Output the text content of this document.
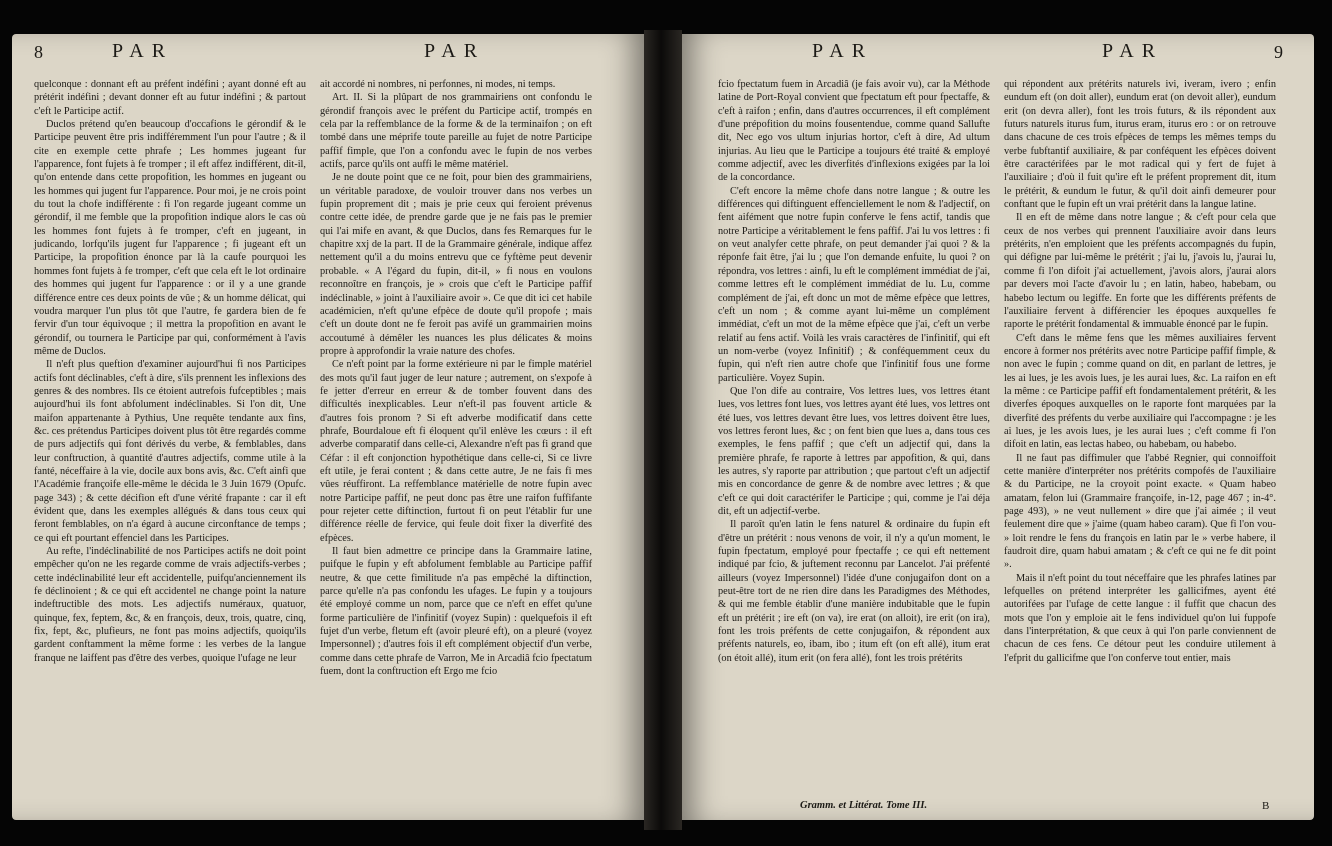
8	PAR	PAR

quelconque : donnant eft au préfent indéfini ; ayant donné eft au prétérit indéfini ; devant donner eft au futur indéfini ; & partout c'eft le Participe actif.

Duclos prétend qu'en beaucoup d'occafions le gérondif & le Participe peuvent être pris indifféremment l'un pour l'autre ; & il cite en exemple cette phrafe ; Les hommes jugeant fur l'apparence, font fujets à fe tromper ; il eft affez indifférent, dit-il, qu'on entende dans cette propofition, les hommes en jugeant ou les hommes qui jugent fur l'apparence. Pour moi, je ne crois point du tout la chofe indifférente : fi l'on regarde jugeant comme un gérondif, il me femble que la propofition indique alors le cas où les hommes font fujets à fe tromper, c'eft en jugeant, in judicando, lorfqu'ils jugent fur l'apparence ; fi jugeant eft un Participe, la propofition énonce par là la caufe pourquoi les hommes font fujets à fe tromper, c'eft que cela eft le lot ordinaire des hommes qui jugent fur l'apparence : or il y a une grande différence entre ces deux points de vûe ; & un homme délicat, qui voudra marquer l'un plus tôt que l'autre, fe gardera bien de fe fervir d'un tour équivoque ; il mettra la propofition en avant le gérondif, ou tournera le Participe par qui, conformément à l'avis même de Duclos.

Il n'eft plus queftion d'examiner aujourd'hui fi nos Participes actifs font déclinables, c'eft à dire, s'ils prennent les inflexions des genres & des nombres. Ils ce étoient autrefois fufceptibles ; mais aujourd'hui ils font abfolument indéclinables. Si l'on dit, Une maifon appartenante à Pythius, Une requête tendante aux fins, &c. ces prétendus Participes doivent plus tôt être regardés comme de purs adjectifs qui font dérivés du verbe, & femblables, dans leur conftruction, à quantité d'autres adjectifs, comme utile à la fanté, néceffaire à la vie, docile aux bons avis, &c. C'eft ainfi que l'Académie françoife elle-même le décida le 3 Juin 1679 (Opufc. page 343) ; & cette décifion eft d'une vérité frapante : car il eft évident que, dans les exemples allégués & dans tous ceux qui feront femblables, on n'a égard à aucune circonftance de temps ; ce qui eft pourtant effenciel dans les Participes.

Au refte, l'indéclinabilité de nos Participes actifs ne doit point empêcher qu'on ne les regarde comme de vrais adjectifs-verbes ; cette indéclinabilité leur eft accidentelle, puifqu'anciennement ils fe déclinoient ; & ce qui eft accidentel ne change point la nature indeftructible des mots. Les adjectifs numéraux, quatuor, quinque, fex, feptem, &c, & en françois, deux, trois, quatre, cinq, fix, fept, &c, plufieurs, ne font pas moins adjectifs, quoiqu'ils gardent conftamment la même forme : les verbes de la langue franque ne laiffent pas d'être des verbes, quoique l'ufage ne leur

ait accordé ni nombres, ni perfonnes, ni modes, ni temps.

Art. II. Si la plûpart de nos grammairiens ont confondu le gérondif françois avec le préfent du Participe actif, trompés en cela par la reffemblance de la forme & de la terminaifon ; on eft tombé dans une méprife toute pareille au fujet de notre Participe paffif fimple, que l'on a confondu avec le fupin de nos verbes actifs, parce qu'ils ont auffi le même matériel.

Je ne doute point que ce ne foit, pour bien des grammairiens, un véritable paradoxe, de vouloir trouver dans nos verbes un fupin proprement dit ; mais je prie ceux qui feroient prévenus contre cette idée, de prendre garde que je ne fais pas le premier qui l'ai mife en avant, & que Duclos, dans fes Remarques fur le chapitre xxj de la part. II de la Grammaire générale, indique affez nettement qu'il a du moins entrevu que ce fyftème peut devenir probable. « A l'égard du fupin, dit-il, » fi nous en voulons reconnoître en françois, je » crois que c'eft le Participe paffif indéclinable, » joint à l'auxiliaire avoir ». Ce que dit ici cet habile académicien, n'eft qu'une efpèce de doute qu'il propofe ; mais c'eft un doute dont ne fe feroit pas avifé un grammairien moins accoutumé à démêler les nuances les plus délicates & moins propre à approfondir la vraie nature des chofes.

Ce n'eft point par la forme extérieure ni par le fimple matériel des mots qu'il faut juger de leur nature ; autrement, on s'expofe à fe jetter d'erreur en erreur & de tomber fouvent dans des difficultés inexplicables. Leur n'eft-il pas fouvent article & d'autres fois pronom ? Si eft adverbe modificatif dans cette phrafe, Bourdaloue eft fi éloquent qu'il enlève les cœurs : il eft adverbe comparatif dans celle-ci, Alexandre n'eft pas fi grand que Céfar : il eft conjonction hypothétique dans celle-ci, Si ce livre eft utile, je ferai content ; & dans cette autre, Je ne fais fi mes vûes réuffiront. La reffemblance matérielle de notre fupin avec notre Participe paffif, ne peut donc pas être une raifon fuffifante pour rejeter cette diftinction, furtout fi on peut l'établir fur une différence réelle de fervice, qui feule doit fixer la diverfité des efpèces.

Il faut bien admettre ce principe dans la Grammaire latine, puifque le fupin y eft abfolument femblable au Participe paffif neutre, & que cette fimilitude n'a pas empêché la diftinction, parce qu'elle n'a pas confondu les ufages. Le fupin y a toujours été employé comme un nom, parce que ce n'eft en effet qu'une forme particulière de l'infinitif (voyez Supin) : quelquefois il eft fujet d'un verbe, fletum eft (avoir pleuré eft), on a pleuré (voyez Impersonnel) ; d'autres fois il eft complément objectif d'un verbe, comme dans cette phrafe de Varron, Me in Arcadiâ fcio fpectatum fuem, dont la conftruction eft Ergo me fcio

PAR	PAR	9

fcio fpectatum fuem in Arcadiâ (je fais avoir vu), car la Méthode latine de Port-Royal convient que fpectatum eft pour fpectaffe, & c'eft à raifon ; enfin, dans d'autres occurrences, il eft complément d'une prépofition du moins fousentendue, comme quand Sallufte dit, Nec ego vos ultum injurias hortor, c'eft à dire, Ad ultum injurias. Au lieu que le Participe a toujours été traité & employé comme adjectif, avec les diverfités d'inflexions exigées par la loi de la concordance.

C'eft encore la même chofe dans notre langue ; & outre les différences qui diftinguent effenciellement le nom & l'adjectif, on fent aifément que notre fupin conferve le fens actif, tandis que notre Participe a véritablement le fens paffif. J'ai lu vos lettres : fi on veut analyfer cette phrafe, on peut demander j'ai quoi ? & la réponfe fait être, j'ai lu ; que l'on demande enfuite, lu quoi ? on répondra, vos lettres : ainfi, lu eft le complément immédiat de j'ai, comme lettres eft le complément immédiat de lu. Lu, comme complément de j'ai, eft donc un mot de même efpèce que lettres, c'eft un nom ; & comme ayant lui-même un complément immédiat, c'eft un mot de la même efpèce que j'ai, c'eft un verbe relatif au fens actif. Voilà les vrais caractères de l'infinitif, qui eft un nom-verbe (voyez Infinitif) ; & conféquemment ceux du fupin, qui n'eft rien autre chofe que l'infinitif fous une forme particulière. Voyez Supin.

Que l'on dife au contraire, Vos lettres lues, vos lettres étant lues, vos lettres font lues, vos lettres ayant été lues, vos lettres ont été lues, vos lettres devant être lues, vos lettres doivent être lues, vos lettres feront lues, &c ; on fent bien que lues a, dans tous ces exemples, le fens paffif ; que c'eft un adjectif qui, dans la première phrafe, fe raporte à lettres par appofition, & qui, dans les autres, s'y raporte par attribution ; que partout c'eft un adjectif mis en concordance de genre & de nombre avec lettres ; & que c'eft ce qui doit caractérifer le Participe ; qui, comme je l'ai déja dit, eft un adjectif-verbe.

Il paroît qu'en latin le fens naturel & ordinaire du fupin eft d'être un prétérit : nous venons de voir, il n'y a qu'un moment, le fupin fpectatum, employé pour fpectaffe ; ce qui eft nettement indiqué par fcio, & juftement reconnu par Lancelot. J'ai préfenté ailleurs (voyez Impersonnel) l'idée d'une conjugaifon dont on a peut-être tort de ne rien dire dans les Paradigmes des Méthodes, & qui me femble établir d'une manière indubitable que le fupin eft un prétérit ; ire eft (on va), ire erat (on alloit), ire erit (on ira), font les trois préfents de cette conjugaifon, & répondent aux préfents naturels, eo, ibam, ibo ; itum eft (on eft allé), itum erat (on étoit allé), itum erit (on fera allé), font les trois prétérits

qui répondent aux prétérits naturels ivi, iveram, ivero ; enfin eundum eft (on doit aller), eundum erat (on devoit aller), eundum erit (on devra aller), font les trois futurs, & ils répondent aux futurs naturels iturus fum, iturus eram, iturus ero : or on retrouve dans chacune de ces trois efpèces de temps les mêmes temps du verbe fubftantif auxiliaire, & par conféquent les efpèces doivent être caractérifées par le mot radical qui y fert de fujet à l'auxiliaire ; d'où il fuit qu'ire eft le préfent proprement dit, itum le prétérit, & eundum le futur, & qu'il doit ainfi demeurer pour conftant que le fupin eft un vrai prétérit dans la langue latine.

Il en eft de même dans notre langue ; & c'eft pour cela que ceux de nos verbes qui prennent l'auxiliaire avoir dans leurs prétérits, n'en emploient que les préfents accompagnés du fupin, qui défigne par lui-même le prétérit ; j'ai lu, j'avois lu, j'aurai lu, comme fi l'on difoit j'ai actuellement, j'avois alors, j'aurai alors par devers moi l'acte d'avoir lu ; en latin, habeo, habebam, ou habebo lectum ou legiffe. En forte que les différents préfents de l'auxiliaire fervent à différencier les époques auxquelles fe raporte le prétérit fondamental & immuable énoncé par le fupin.

C'eft dans le même fens que les mêmes auxiliaires fervent encore à former nos prétérits avec notre Participe paffif fimple, & non avec le fupin ; comme quand on dit, en parlant de lettres, je les ai lues, je les avois lues, je les aurai lues, &c. La raifon en eft la même : ce Participe paffif eft fondamentalement prétérit, & les diverfes époques auxquelles on le raporte font marquées par la diverfité des préfents du verbe auxiliaire qui l'accompagne : je les ai lues, je les avois lues, je les aurai lues ; c'eft comme fi l'on difoit en latin, eas lectas habeo, ou habebam, ou habebo.

Il ne faut pas diffimuler que l'abbé Regnier, qui connoiffoit cette manière d'interpréter nos prétérits compofés de l'auxiliaire & du Participe, ne la croyoit point exacte. « Quam habeo amatam, felon lui (Grammaire françoife, in-12, page 467 ; in-4°. page 493), » ne veut nullement » dire que j'ai aimée ; il veut feulement dire que » j'aime (quam habeo caram). Que fi l'on vou- » loit rendre le fens du françois en latin par le » verbe habere, il faudroit dire, quam habui amatam ; & c'eft ce qui ne fe dit point ».

Mais il n'eft point du tout néceffaire que les phrafes latines par lefquelles on prétend interpréter les gallicifmes, ayent été autorifées par l'ufage de cette langue : il fuffit que chacun des mots que l'on y emploie ait le fens individuel qu'on lui fuppofe dans l'interprétation, & que ceux à qui l'on parle conviennent de chacun de ces fens. Ce détour peut les conduire utilement à l'efprit du gallicifme que l'on conferve tout entier, mais

Gramm. et Littérat. Tome III.	B
